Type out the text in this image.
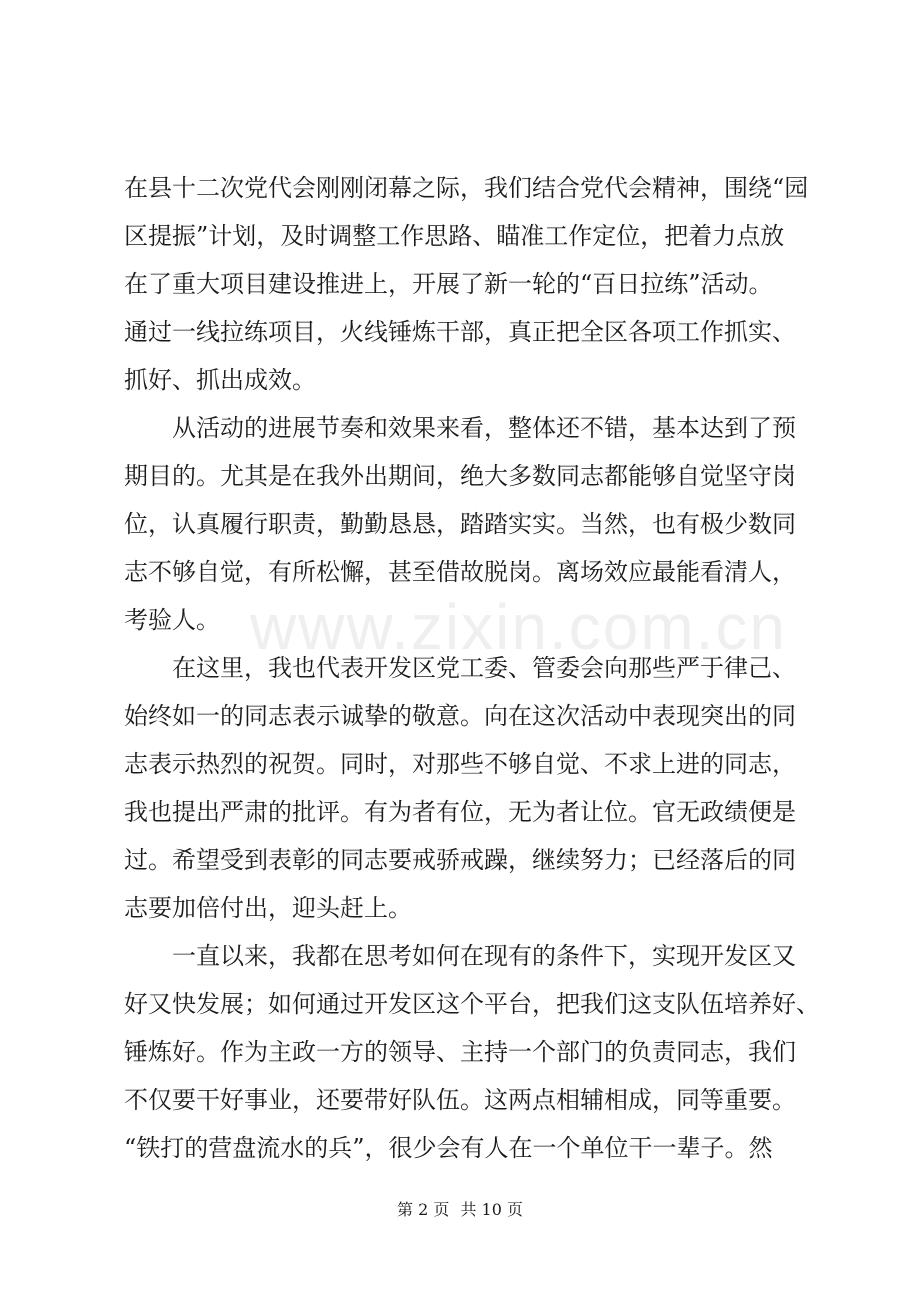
www.zixin.com.cn
在县十二次党代会刚刚闭幕之际，我们结合党代会精神，围绕“园
区提振”计划，及时调整工作思路、瞄准工作定位，把着力点放
在了重大项目建设推进上，开展了新一轮的“百日拉练”活动。
通过一线拉练项目，火线锤炼干部，真正把全区各项工作抓实、
抓好、抓出成效。
从活动的进展节奏和效果来看，整体还不错，基本达到了预
期目的。尤其是在我外出期间，绝大多数同志都能够自觉坚守岗
位，认真履行职责，勤勤恳恳，踏踏实实。当然，也有极少数同
志不够自觉，有所松懈，甚至借故脱岗。离场效应最能看清人，
考验人。
在这里，我也代表开发区党工委、管委会向那些严于律己、
始终如一的同志表示诚挚的敬意。向在这次活动中表现突出的同
志表示热烈的祝贺。同时，对那些不够自觉、不求上进的同志，
我也提出严肃的批评。有为者有位，无为者让位。官无政绩便是
过。希望受到表彰的同志要戒骄戒躁，继续努力；已经落后的同
志要加倍付出，迎头赶上。
一直以来，我都在思考如何在现有的条件下，实现开发区又
好又快发展；如何通过开发区这个平台，把我们这支队伍培养好、
锤炼好。作为主政一方的领导、主持一个部门的负责同志，我们
不仅要干好事业，还要带好队伍。这两点相辅相成，同等重要。
“铁打的营盘流水的兵”，很少会有人在一个单位干一辈子。然
第 2 页 共 10 页
